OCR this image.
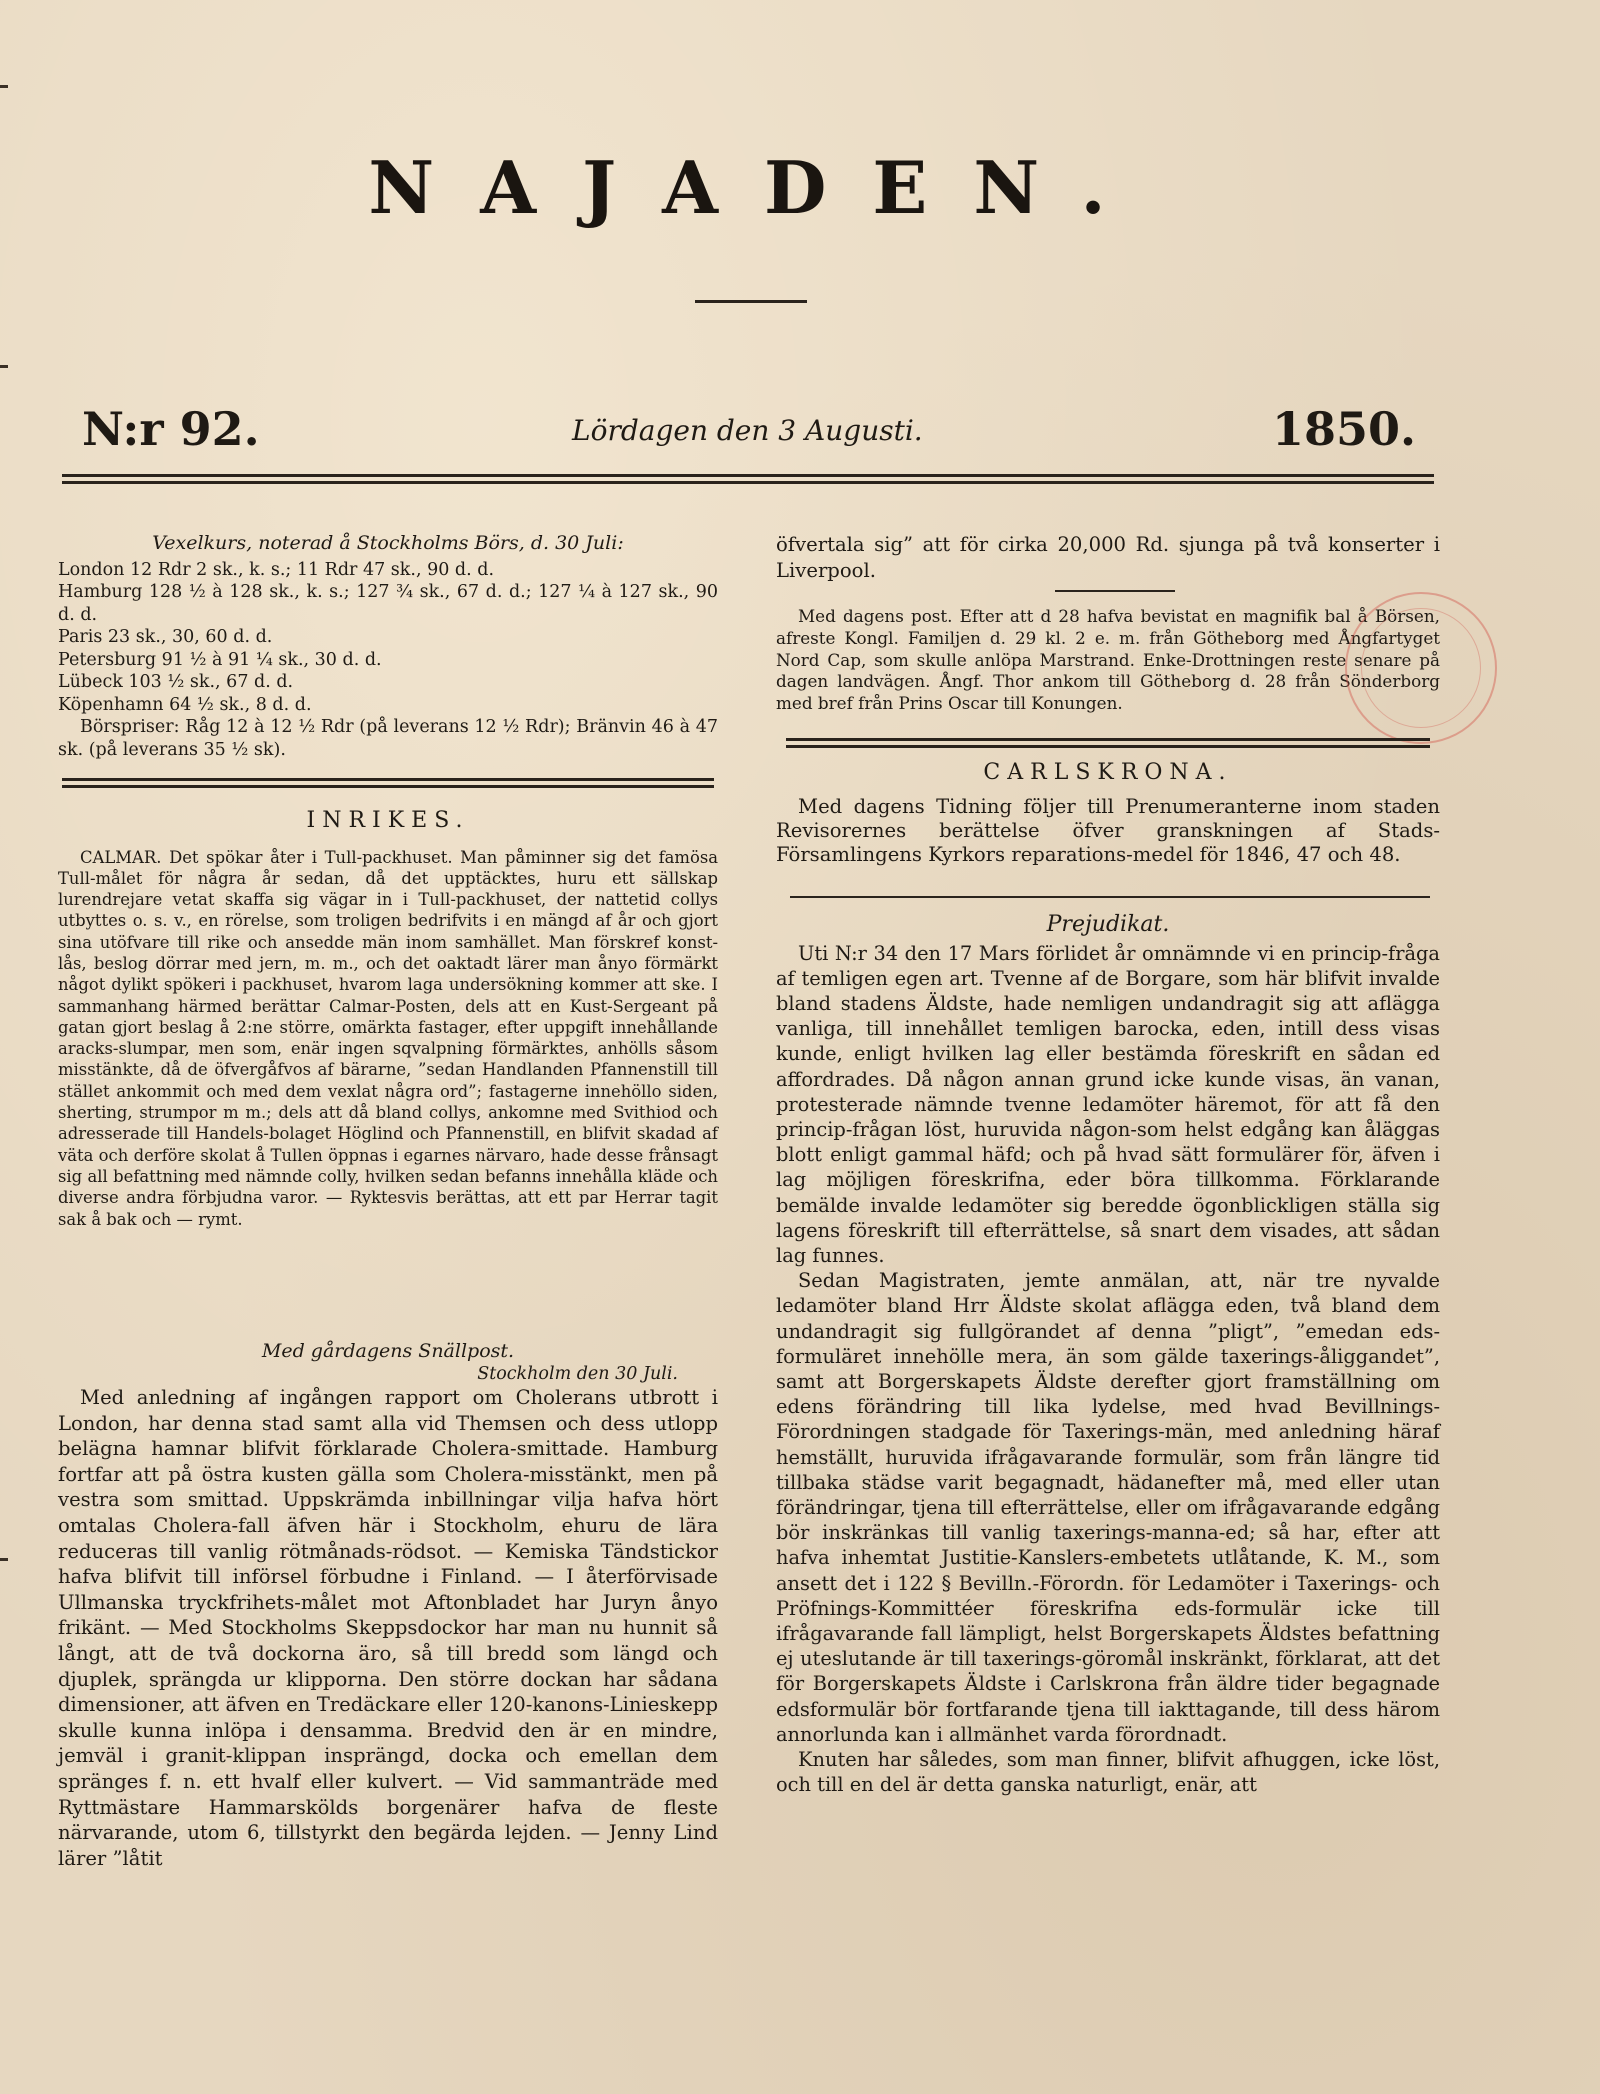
NAJADEN.
N:r 92.	Lördagen den 3 Augusti.	1850.

Vexelkurs, noterad å Stockholms Börs, d. 30 Juli:

London 12 Rdr 2 sk., k. s.; 11 Rdr 47 sk., 90 d. d.

Hamburg 128 ½ à 128 sk., k. s.; 127 ¾ sk., 67 d. d.; 127 ¼ à 127 sk., 90 d. d.

Paris 23 sk., 30, 60 d. d.

Petersburg 91 ½ à 91 ¼ sk., 30 d. d.

Lübeck 103 ½ sk., 67 d. d.

Köpenhamn 64 ½ sk., 8 d. d.

Börspriser: Råg 12 à 12 ½ Rdr (på leverans 12 ½ Rdr); Bränvin 46 à 47 sk. (på leverans 35 ½ sk).

INRIKES.

CALMAR. Det spökar åter i Tull-packhuset. Man påminner sig det famösa Tull-målet för några år sedan, då det upptäcktes, huru ett sällskap lurendrejare vetat skaffa sig vägar in i Tull-packhuset, der nattetid collys utbyttes o. s. v., en rörelse, som troligen bedrifvits i en mängd af år och gjort sina utöfvare till rike och ansedde män inom samhället. Man förskref konst-lås, beslog dörrar med jern, m. m., och det oaktadt lärer man ånyo förmärkt något dylikt spökeri i packhuset, hvarom laga undersökning kommer att ske. I sammanhang härmed berättar Calmar-Posten, dels att en Kust-Sergeant på gatan gjort beslag å 2:ne större, omärkta fastager, efter uppgift innehållande aracks-slumpar, men som, enär ingen sqvalpning förmärktes, anhölls såsom misstänkte, då de öfvergåfvos af bärarne, ”sedan Handlanden Pfannenstill till stället ankommit och med dem vexlat några ord”; fastagerne innehöllo siden, sherting, strumpor m m.; dels att då bland collys, ankomne med Svithiod och adresserade till Handels-bolaget Höglind och Pfannenstill, en blifvit skadad af väta och derföre skolat å Tullen öppnas i egarnes närvaro, hade desse frånsagt sig all befattning med nämnde colly, hvilken sedan befanns innehålla kläde och diverse andra förbjudna varor. — Ryktesvis berättas, att ett par Herrar tagit sak å bak och — rymt.

Med gårdagens Snällpost.

Stockholm den 30 Juli.

Med anledning af ingången rapport om Cholerans utbrott i London, har denna stad samt alla vid Themsen och dess utlopp belägna hamnar blifvit förklarade Cholera-smittade. Hamburg fortfar att på östra kusten gälla som Cholera-misstänkt, men på vestra som smittad. Uppskrämda inbillningar vilja hafva hört omtalas Cholera-fall äfven här i Stockholm, ehuru de lära reduceras till vanlig rötmånads-rödsot. — Kemiska Tändstickor hafva blifvit till införsel förbudne i Finland. — I återförvisade Ullmanska tryckfrihets-målet mot Aftonbladet har Juryn ånyo frikänt. — Med Stockholms Skeppsdockor har man nu hunnit så långt, att de två dockorna äro, så till bredd som längd och djuplek, sprängda ur klipporna. Den större dockan har sådana dimensioner, att äfven en Tredäckare eller 120-kanons-Linieskepp skulle kunna inlöpa i densamma. Bredvid den är en mindre, jemväl i granit-klippan insprängd, docka och emellan dem spränges f. n. ett hvalf eller kulvert. — Vid sammanträde med Ryttmästare Hammarskölds borgenärer hafva de fleste närvarande, utom 6, tillstyrkt den begärda lejden. — Jenny Lind lärer ”låtit

öfvertala sig” att för cirka 20,000 Rd. sjunga på två konserter i Liverpool.

Med dagens post. Efter att d 28 hafva bevistat en magnifik bal å Börsen, afreste Kongl. Familjen d. 29 kl. 2 e. m. från Götheborg med Ångfartyget Nord Cap, som skulle anlöpa Marstrand. Enke-Drottningen reste senare på dagen landvägen. Ångf. Thor ankom till Götheborg d. 28 från Sönderborg med bref från Prins Oscar till Konungen.

CARLSKRONA.

Med dagens Tidning följer till Prenumeranterne inom staden Revisorernes berättelse öfver granskningen af Stads-Församlingens Kyrkors reparations-medel för 1846, 47 och 48.

Prejudikat.

Uti N:r 34 den 17 Mars förlidet år omnämnde vi en princip-fråga af temligen egen art. Tvenne af de Borgare, som här blifvit invalde bland stadens Äldste, hade nemligen undandragit sig att aflägga vanliga, till innehållet temligen barocka, eden, intill dess visas kunde, enligt hvilken lag eller bestämda föreskrift en sådan ed affordrades. Då någon annan grund icke kunde visas, än vanan, protesterade nämnde tvenne ledamöter häremot, för att få den princip-frågan löst, huruvida någon-som helst edgång kan åläggas blott enligt gammal häfd; och på hvad sätt formulärer för, äfven i lag möjligen föreskrifna, eder böra tillkomma. Förklarande bemälde invalde ledamöter sig beredde ögonblickligen ställa sig lagens föreskrift till efterrättelse, så snart dem visades, att sådan lag funnes.

Sedan Magistraten, jemte anmälan, att, när tre nyvalde ledamöter bland Hrr Äldste skolat aflägga eden, två bland dem undandragit sig fullgörandet af denna ”pligt”, ”emedan eds-formuläret innehölle mera, än som gälde taxerings-åliggandet”, samt att Borgerskapets Äldste derefter gjort framställning om edens förändring till lika lydelse, med hvad Bevillnings-Förordningen stadgade för Taxerings-män, med anledning häraf hemställt, huruvida ifrågavarande formulär, som från längre tid tillbaka städse varit begagnadt, hädanefter må, med eller utan förändringar, tjena till efterrättelse, eller om ifrågavarande edgång bör inskränkas till vanlig taxerings-manna-ed; så har, efter att hafva inhemtat Justitie-Kanslers-embetets utlåtande, K. M., som ansett det i 122 § Bevilln.-Förordn. för Ledamöter i Taxerings- och Pröfnings-Kommittéer föreskrifna eds-formulär icke till ifrågavarande fall lämpligt, helst Borgerskapets Äldstes befattning ej uteslutande är till taxerings-göromål inskränkt, förklarat, att det för Borgerskapets Äldste i Carlskrona från äldre tider begagnade edsformulär bör fortfarande tjena till iakttagande, till dess härom annorlunda kan i allmänhet varda förordnadt.

Knuten har således, som man finner, blifvit afhuggen, icke löst, och till en del är detta ganska naturligt, enär, att
